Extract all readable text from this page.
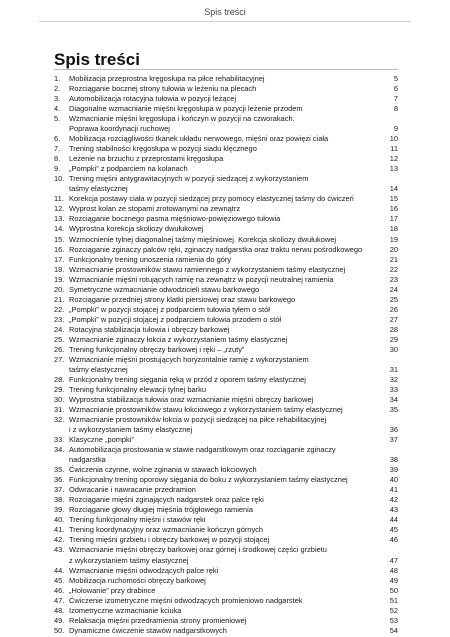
Spis treści
Spis treści
1.	Mobilizacja przeprostna kręgosłupa na piłce rehabilitacyjnej	5
2.	Rozciąganie bocznej strony tułowia w leżeniu na plecach	6
3.	Automobilizacja rotacyjna tułowia w pozycji leżącej	7
4.	Diagonalne wzmacnianie mięśni kręgosłupa w pozycji leżenie przodem	8
5.	Wzmacnianie mięśni kręgosłupa i kończyn w pozycji na czworakach.
Poprawa koordynacji ruchowej	9
6.	Mobilizacja rozciągliwości tkanek układu nerwowego, mięśni oraz powięzi ciała	10
7.	Trening stabilności kręgosłupa w pozycji siadu klęcznego	11
8.	Leżenie na brzuchu z przeprostami kręgosłupa	12
9.	„Pompki” z podparciem na kolanach	13
10. Trening mięśni antygrawitacyjnych w pozycji siedzącej z wykorzystaniem
taśmy elastycznej	14
11. Korekcja postawy ciała w pozycji siedzącej przy pomocy elastycznej taśmy do ćwiczeń	15
12. Wyprost kolan ze stopami zrotowanymi na zewnątrz	16
13. Rozciąganie bocznego pasma mięśniowo-powięziowego tułowia	17
14. Wyprostna korekcja skoliozy dwułukowej	18
15. Wzmocnienie tylnej diagonalnej taśmy mięśniowej. Korekcja skoliozy dwułukowej	19
16. Rozciąganie zginaczy palców ręki, zginaczy nadgarstka oraz traktu nerwu pośrodkowego	20
17. Funkcjonalny trening unoszenia ramienia do góry	21
18. Wzmacnianie prostowników stawu ramiennego z wykorzystaniem taśmy elastycznej	22
19. Wzmacnianie mięśni rotujących ramię na zewnątrz w pozycji neutralnej ramienia	23
20. Symetryczne wzmacnianie odwodzicieli stawu barkowego	24
21. Rozciąganie przedniej strony klatki piersiowej oraz stawu barkowego	25
22. „Pompki” w pozycji stojącej z podparciem tułowia tyłem o stół	26
23. „Pompki” w pozycji stojącej z podparciem tułowia przodem o stół	27
24. Rotacyjna stabilizacja tułowia i obręczy barkowej	28
25. Wzmacnianie zginaczy łokcia z wykorzystaniem taśmy elastycznej	29
26. Trening funkcjonalny obręczy barkowej i ręki – „rzuty”	30
27. Wzmacnianie mięśni prostujących horyzontalnie ramię z wykorzystaniem
taśmy elastycznej	31
28. Funkcjonalny trening sięgania ręką w przód z oporem taśmy elastycznej	32
29. Trening funkcjonalny elewacji tylnej barku	33
30. Wyprostna stabilizacja tułowia oraz wzmacnianie mięśni obręczy barkowej	34
31. Wzmacnianie prostowników stawu łokciowego z wykorzystaniem taśmy elastycznej	35
32. Wzmacnianie prostowników łokcia w pozycji siedzącej na piłce rehabilitacyjnej
i z wykorzystaniem taśmy elastycznej	36
33. Klasyczne „pompki”	37
34. Automobilizacja prostowania w stawie nadgarstkowym oraz rozciąganie zginaczy
nadgarstka	38
35. Ćwiczenia czynne, wolne zginania w stawach łokciowych	39
36. Funkcjonalny trening oporowy sięgania do boku z wykorzystaniem taśmy elastycznej	40
37. Odwracanie i nawracanie przedramion	41
38. Rozciąganie mięśni zginających nadgarstek oraz palce ręki	42
39. Rozciąganie głowy długiej mięśnia trójgłowego ramienia	43
40. Trening funkcjonalny mięśni i stawów ręki	44
41. Trening koordynacyjny oraz wzmacnianie kończyn górnych	45
42. Trening mięśni grzbietu i obręczy barkowej w pozycji stojącej	46
43. Wzmacnianie mięśni obręczy barkowej oraz górnej i środkowej części grzbietu
z wykorzystaniem taśmy elastycznej	47
44. Wzmacnianie mięśni odwodzących palce ręki	48
45. Mobilizacja ruchomości obręczy barkowej	49
46. „Holowanie” przy drabince	50
47. Ćwiczenie izometryczne mięśni odwodzących promieniowo nadgarstek	51
48. Izometryczne wzmacnianie kciuka	52
49. Relaksacja mięśni przedramienia strony promieniowej	53
50. Dynamiczne ćwiczenie stawów nadgarstkowych	54
